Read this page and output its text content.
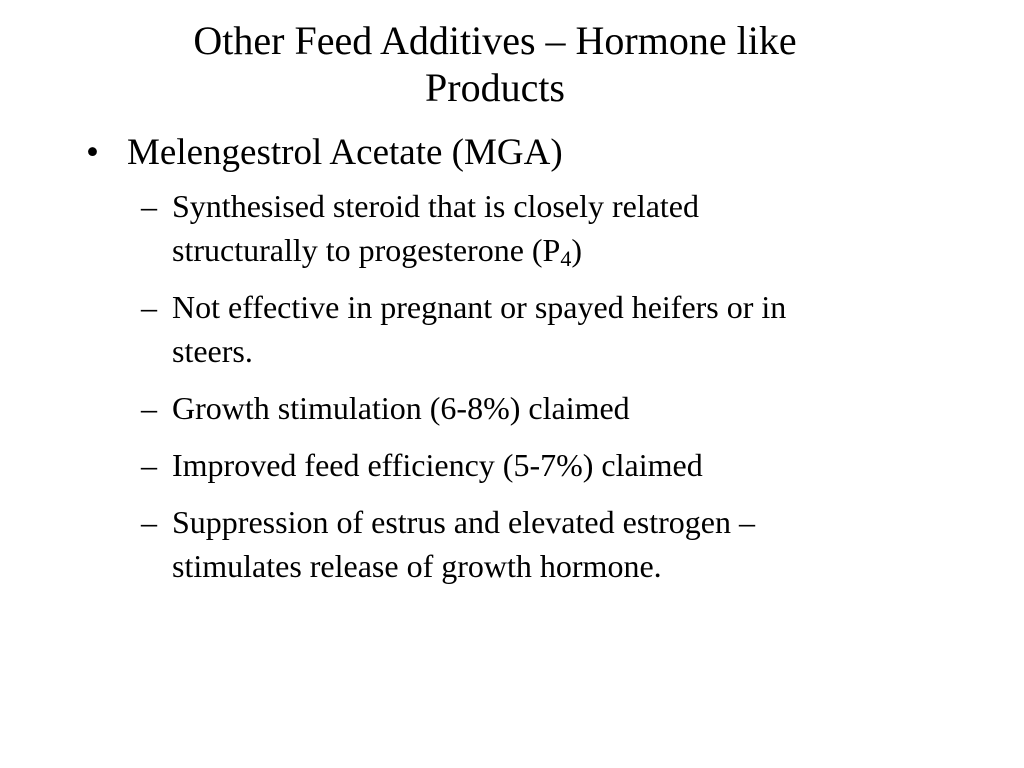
Other Feed Additives – Hormone like
Products
• Melengestrol Acetate (MGA)
– Synthesised steroid that is closely related
structurally to progesterone $(P_4)$
– Not effective in pregnant or spayed heifers or in
steers.
– Growth stimulation (6-8%) claimed
– Improved feed efficiency (5-7%) claimed
– Suppression of estrus and elevated estrogen –
stimulates release of growth hormone.
